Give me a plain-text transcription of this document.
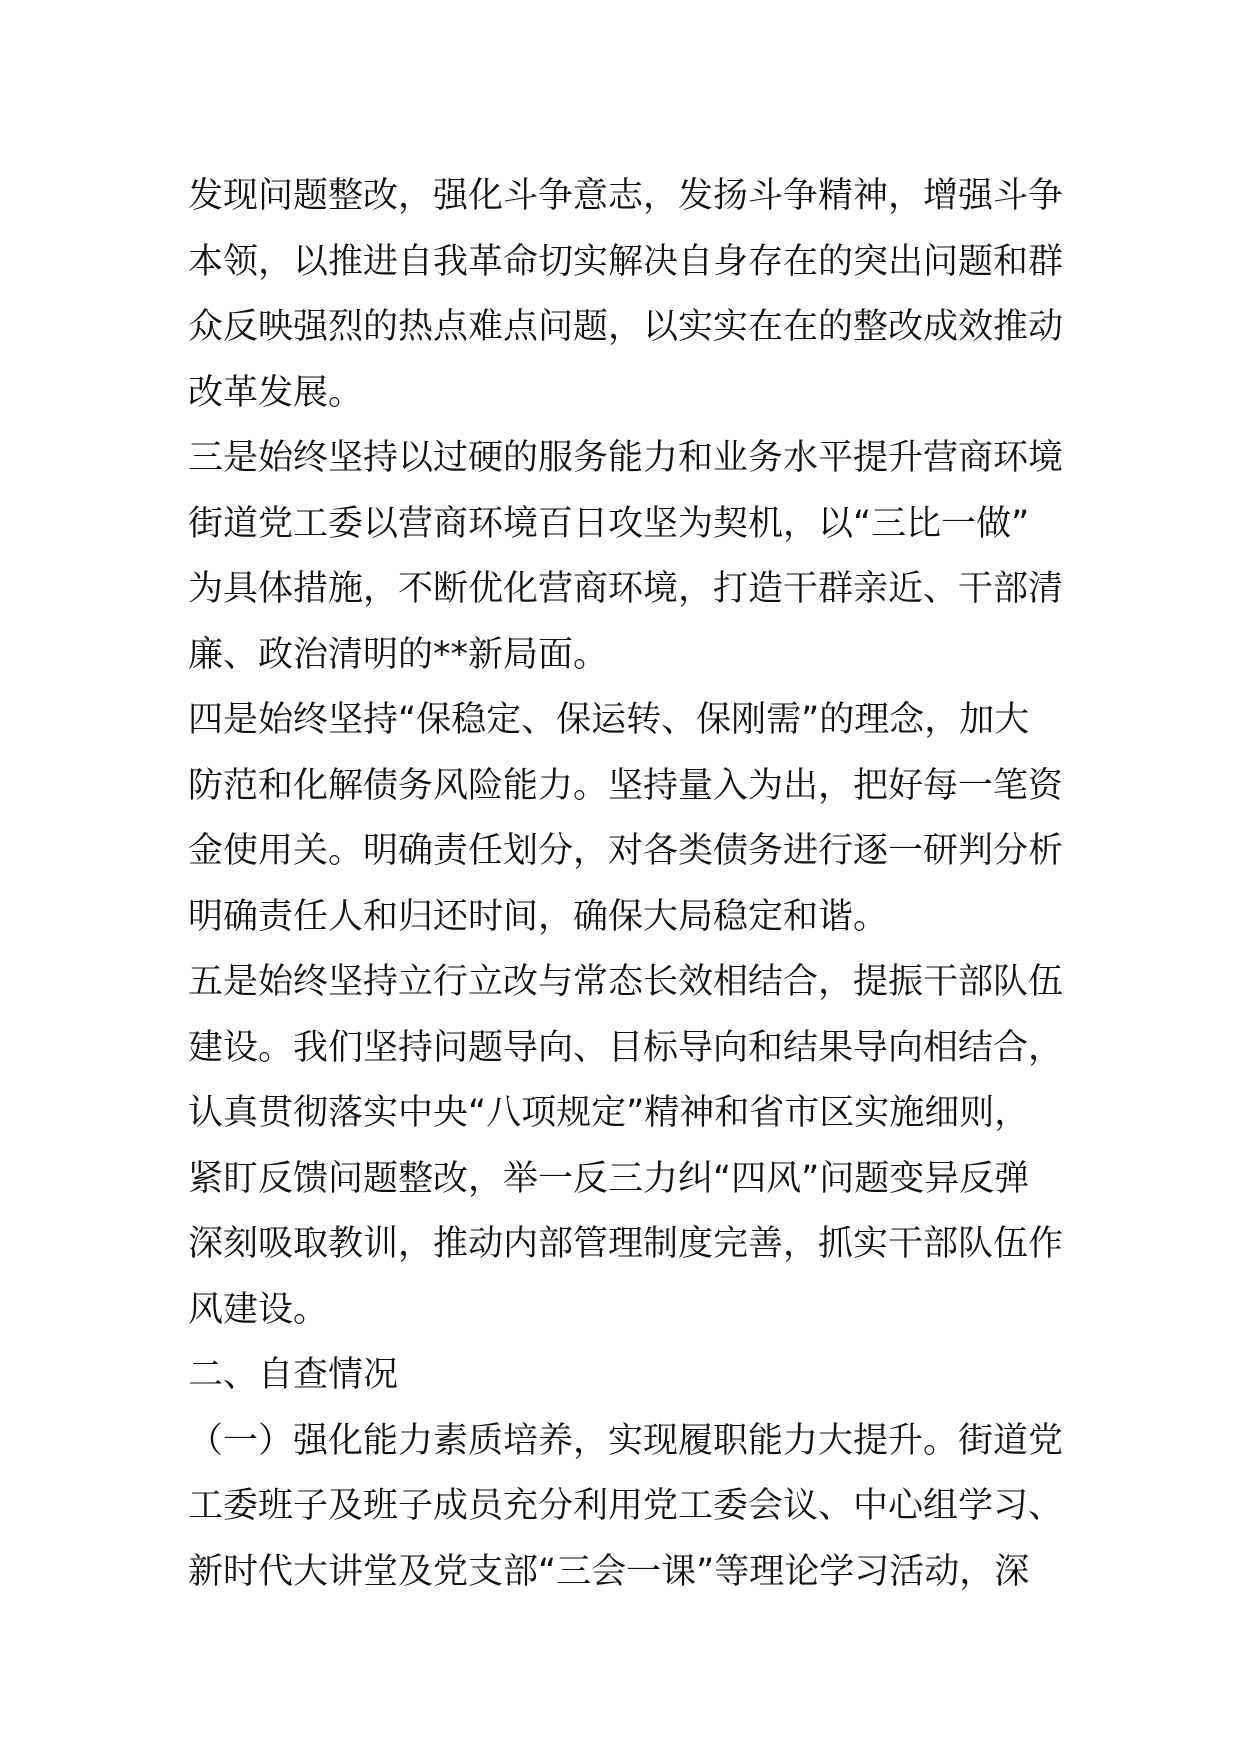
发现问题整改，强化斗争意志，发扬斗争精神，增强斗争
本领，以推进自我革命切实解决自身存在的突出问题和群
众反映强烈的热点难点问题，以实实在在的整改成效推动
改革发展。
三是始终坚持以过硬的服务能力和业务水平提升营商环境
街道党工委以营商环境百日攻坚为契机，以“三比一做”
为具体措施，不断优化营商环境，打造干群亲近、干部清
廉、政治清明的**新局面。
四是始终坚持“保稳定、保运转、保刚需”的理念，加大
防范和化解债务风险能力。坚持量入为出，把好每一笔资
金使用关。明确责任划分，对各类债务进行逐一研判分析
明确责任人和归还时间，确保大局稳定和谐。
五是始终坚持立行立改与常态长效相结合，提振干部队伍
建设。我们坚持问题导向、目标导向和结果导向相结合，
认真贯彻落实中央“八项规定”精神和省市区实施细则，
紧盯反馈问题整改，举一反三力纠“四风”问题变异反弹
深刻吸取教训，推动内部管理制度完善，抓实干部队伍作
风建设。
二、自查情况
（一）强化能力素质培养，实现履职能力大提升。街道党
工委班子及班子成员充分利用党工委会议、中心组学习、
新时代大讲堂及党支部“三会一课”等理论学习活动，深
